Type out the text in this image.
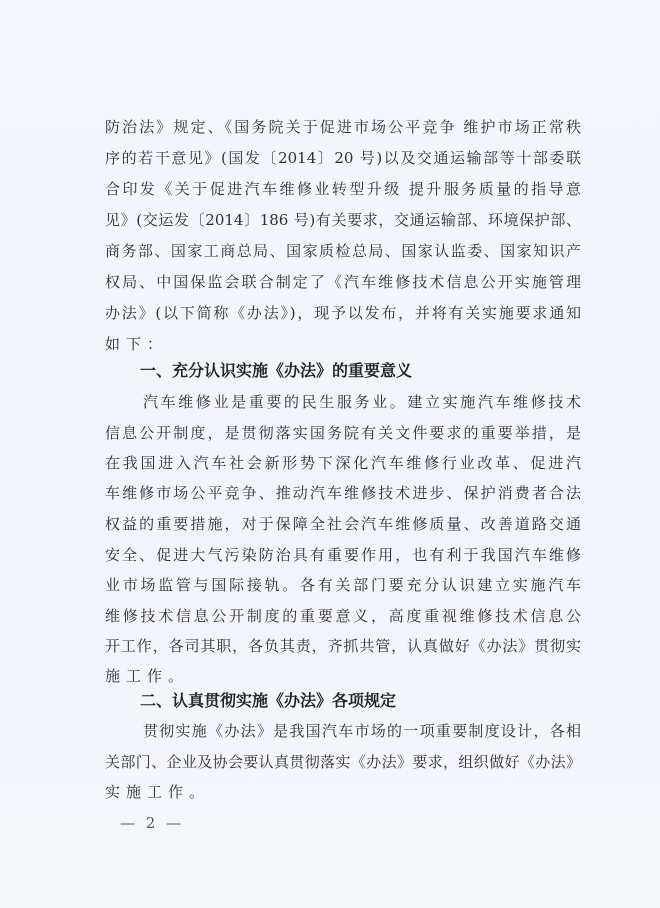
防治法》规定、《国务院关于促进市场公平竞争 维护市场正常秩
序的若干意见》(国发〔2014〕20 号)以及交通运输部等十部委联
合印发《关于促进汽车维修业转型升级 提升服务质量的指导意
见》(交运发〔2014〕186 号)有关要求，交通运输部、环境保护部、
商务部、国家工商总局、国家质检总局、国家认监委、国家知识产
权局、中国保监会联合制定了《汽车维修技术信息公开实施管理
办法》(以下简称《办法》)，现予以发布，并将有关实施要求通知
如下：
一、充分认识实施《办法》的重要意义
汽车维修业是重要的民生服务业。建立实施汽车维修技术
信息公开制度，是贯彻落实国务院有关文件要求的重要举措，是
在我国进入汽车社会新形势下深化汽车维修行业改革、促进汽
车维修市场公平竞争、推动汽车维修技术进步、保护消费者合法
权益的重要措施，对于保障全社会汽车维修质量、改善道路交通
安全、促进大气污染防治具有重要作用，也有利于我国汽车维修
业市场监管与国际接轨。各有关部门要充分认识建立实施汽车
维修技术信息公开制度的重要意义，高度重视维修技术信息公
开工作，各司其职，各负其责，齐抓共管，认真做好《办法》贯彻实
施工作。
二、认真贯彻实施《办法》各项规定
贯彻实施《办法》是我国汽车市场的一项重要制度设计，各相
关部门、企业及协会要认真贯彻落实《办法》要求，组织做好《办法》
实施工作。
— 2 —
